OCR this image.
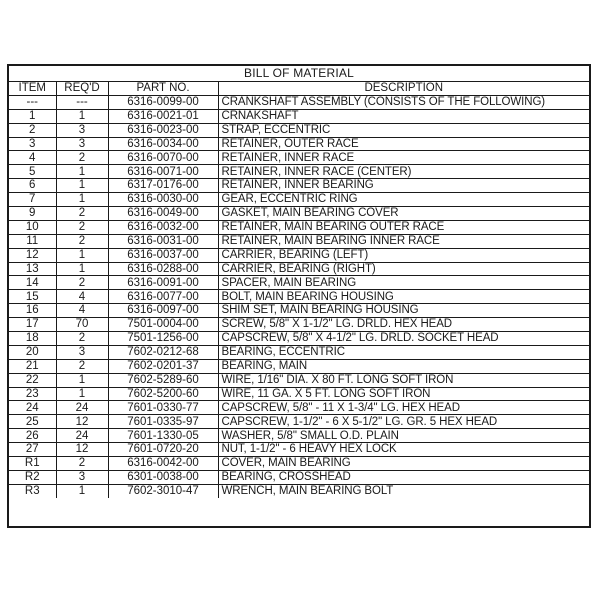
BILL OF MATERIAL
ITEM	REQ'D	PART NO.	DESCRIPTION
---	---	6316-0099-00	CRANKSHAFT ASSEMBLY (CONSISTS OF THE FOLLOWING)
1	1	6316-0021-01	CRNAKSHAFT
2	3	6316-0023-00	STRAP, ECCENTRIC
3	3	6316-0034-00	RETAINER, OUTER RACE
4	2	6316-0070-00	RETAINER, INNER RACE
5	1	6316-0071-00	RETAINER, INNER RACE (CENTER)
6	1	6317-0176-00	RETAINER, INNER BEARING
7	1	6316-0030-00	GEAR, ECCENTRIC RING
9	2	6316-0049-00	GASKET, MAIN BEARING COVER
10	2	6316-0032-00	RETAINER, MAIN BEARING OUTER RACE
11	2	6316-0031-00	RETAINER, MAIN BEARING INNER RACE
12	1	6316-0037-00	CARRIER, BEARING (LEFT)
13	1	6316-0288-00	CARRIER, BEARING (RIGHT)
14	2	6316-0091-00	SPACER, MAIN BEARING
15	4	6316-0077-00	BOLT, MAIN BEARING HOUSING
16	4	6316-0097-00	SHIM SET, MAIN BEARING HOUSING
17	70	7501-0004-00	SCREW, 5/8" X 1-1/2" LG. DRLD. HEX HEAD
18	2	7501-1256-00	CAPSCREW, 5/8" X 4-1/2" LG. DRLD. SOCKET HEAD
20	3	7602-0212-68	BEARING, ECCENTRIC
21	2	7602-0201-37	BEARING, MAIN
22	1	7602-5289-60	WIRE, 1/16" DIA. X 80 FT. LONG SOFT IRON
23	1	7602-5200-60	WIRE, 11 GA. X 5 FT. LONG SOFT IRON
24	24	7601-0330-77	CAPSCREW, 5/8" - 11 X 1-3/4" LG. HEX HEAD
25	12	7601-0335-97	CAPSCREW, 1-1/2" - 6 X 5-1/2" LG. GR. 5 HEX HEAD
26	24	7601-1330-05	WASHER, 5/8" SMALL O.D. PLAIN
27	12	7601-0720-20	NUT, 1-1/2" - 6 HEAVY HEX LOCK
R1	2	6316-0042-00	COVER, MAIN BEARING
R2	3	6301-0038-00	BEARING, CROSSHEAD
R3	1	7602-3010-47	WRENCH, MAIN BEARING BOLT
